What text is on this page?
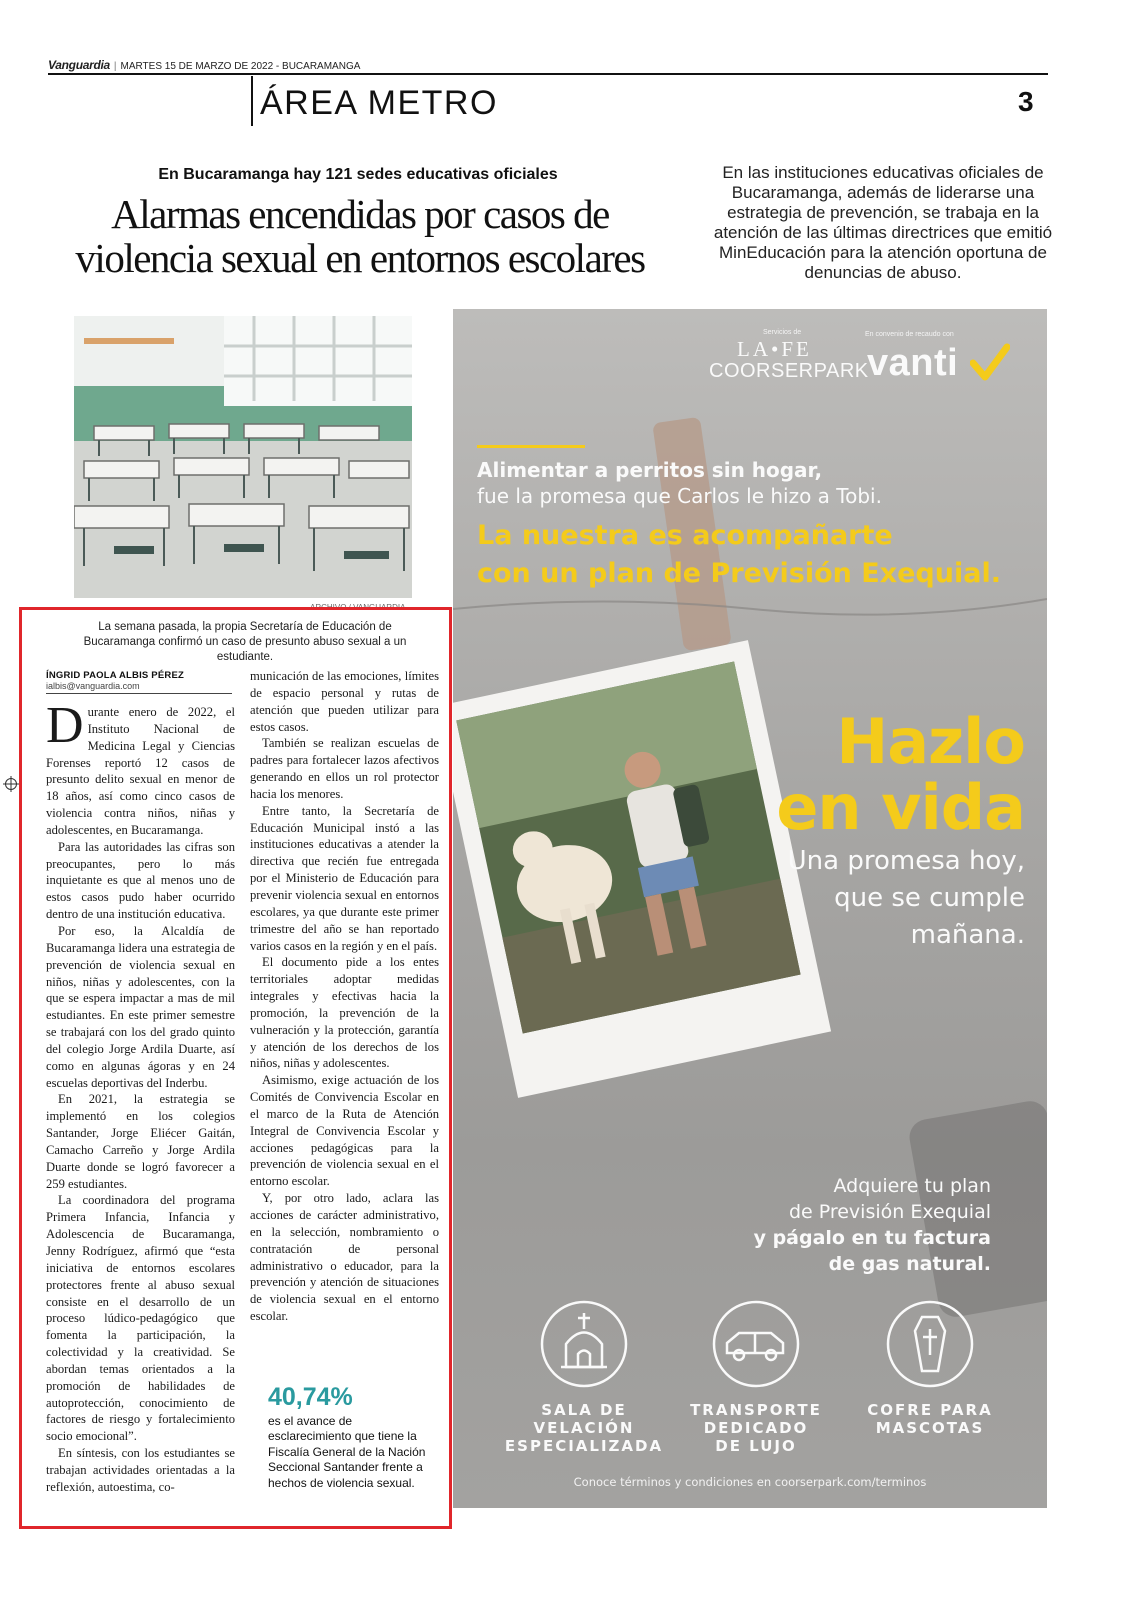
Vanguardia | MARTES 15 DE MARZO DE 2022 - BUCARAMANGA
ÁREA METRO	3
En Bucaramanga hay 121 sedes educativas oficiales
Alarmas encendidas por casos de
violencia sexual en entornos escolares
En las instituciones educativas oficiales de Bucaramanga, además de liderarse una estrategia de prevención, se trabaja en la atención de las últimas directrices que emitió MinEducación para la atención oportuna de denuncias de abuso.
ARCHIVO / VANGUARDIA
La semana pasada, la propia Secretaría de Educación de Bucaramanga confirmó un caso de presunto abuso sexual a un estudiante.
ÍNGRID PAOLA ALBIS PÉREZ
ialbis@vanguardia.com

Durante enero de 2022, el Instituto Nacional de Medicina Legal y Ciencias Forenses reportó 12 casos de presunto delito sexual en menor de 18 años, así como cinco casos de violencia contra niños, niñas y adolescentes, en Bucaramanga.

Para las autoridades las cifras son preocupantes, pero lo más inquietante es que al menos uno de estos casos pudo haber ocurrido dentro de una institución educativa.

Por eso, la Alcaldía de Bucaramanga lidera una estrategia de prevención de violencia sexual en niños, niñas y adolescentes, con la que se espera impactar a mas de mil estudiantes. En este primer semestre se trabajará con los del grado quinto del colegio Jorge Ardila Duarte, así como en algunas ágoras y en 24 escuelas deportivas del Inderbu.

En 2021, la estrategia se implementó en los colegios Santander, Jorge Eliécer Gaitán, Camacho Carreño y Jorge Ardila Duarte donde se logró favorecer a 259 estudiantes.

La coordinadora del programa Primera Infancia, Infancia y Adolescencia de Bucaramanga, Jenny Rodríguez, afirmó que “esta iniciativa de entornos escolares protectores frente al abuso sexual consiste en el desarrollo de un proceso lúdico-pedagógico que fomenta la participación, la colectividad y la creatividad. Se abordan temas orientados a la promoción de habilidades de autoprotección, conocimiento de factores de riesgo y fortalecimiento socio emocional”.

En síntesis, con los estudiantes se trabajan actividades orientadas a la reflexión, autoestima, co-

municación de las emociones, límites de espacio personal y rutas de atención que pueden utilizar para estos casos.

También se realizan escuelas de padres para fortalecer lazos afectivos generando en ellos un rol protector hacia los menores.

Entre tanto, la Secretaría de Educación Municipal instó a las instituciones educativas a atender la directiva que recién fue entregada por el Ministerio de Educación para prevenir violencia sexual en entornos escolares, ya que durante este primer trimestre del año se han reportado varios casos en la región y en el país.

El documento pide a los entes territoriales adoptar medidas integrales y efectivas hacia la promoción, la prevención de la vulneración y la protección, garantía y atención de los derechos de los niños, niñas y adolescentes.

Asimismo, exige actuación de los Comités de Convivencia Escolar en el marco de la Ruta de Atención Integral de Convivencia Escolar y acciones pedagógicas para la prevención de violencia sexual en el entorno escolar.

Y, por otro lado, aclara las acciones de carácter administrativo, en la selección, nombramiento o contratación de personal administrativo o educador, para la prevención y atención de situaciones de violencia sexual en el entorno escolar.

40,74%
es el avance de esclarecimiento que tiene la Fiscalía General de la Nación Seccional Santander frente a hechos de violencia sexual.
Servicios de
LA•FE
COORSERPARK
En convenio de recaudo con
vanti
Alimentar a perritos sin hogar,
fue la promesa que Carlos le hizo a Tobi.
La nuestra es acompañarte
con un plan de Previsión Exequial.
Hazlo
en vida
Una promesa hoy,
que se cumple
mañana.
Adquiere tu plan
de Previsión Exequial
y págalo en tu factura
de gas natural.
SALA DE
VELACIÓN
ESPECIALIZADA
TRANSPORTE
DEDICADO
DE LUJO
COFRE PARA
MASCOTAS
Conoce términos y condiciones en coorserpark.com/terminos
